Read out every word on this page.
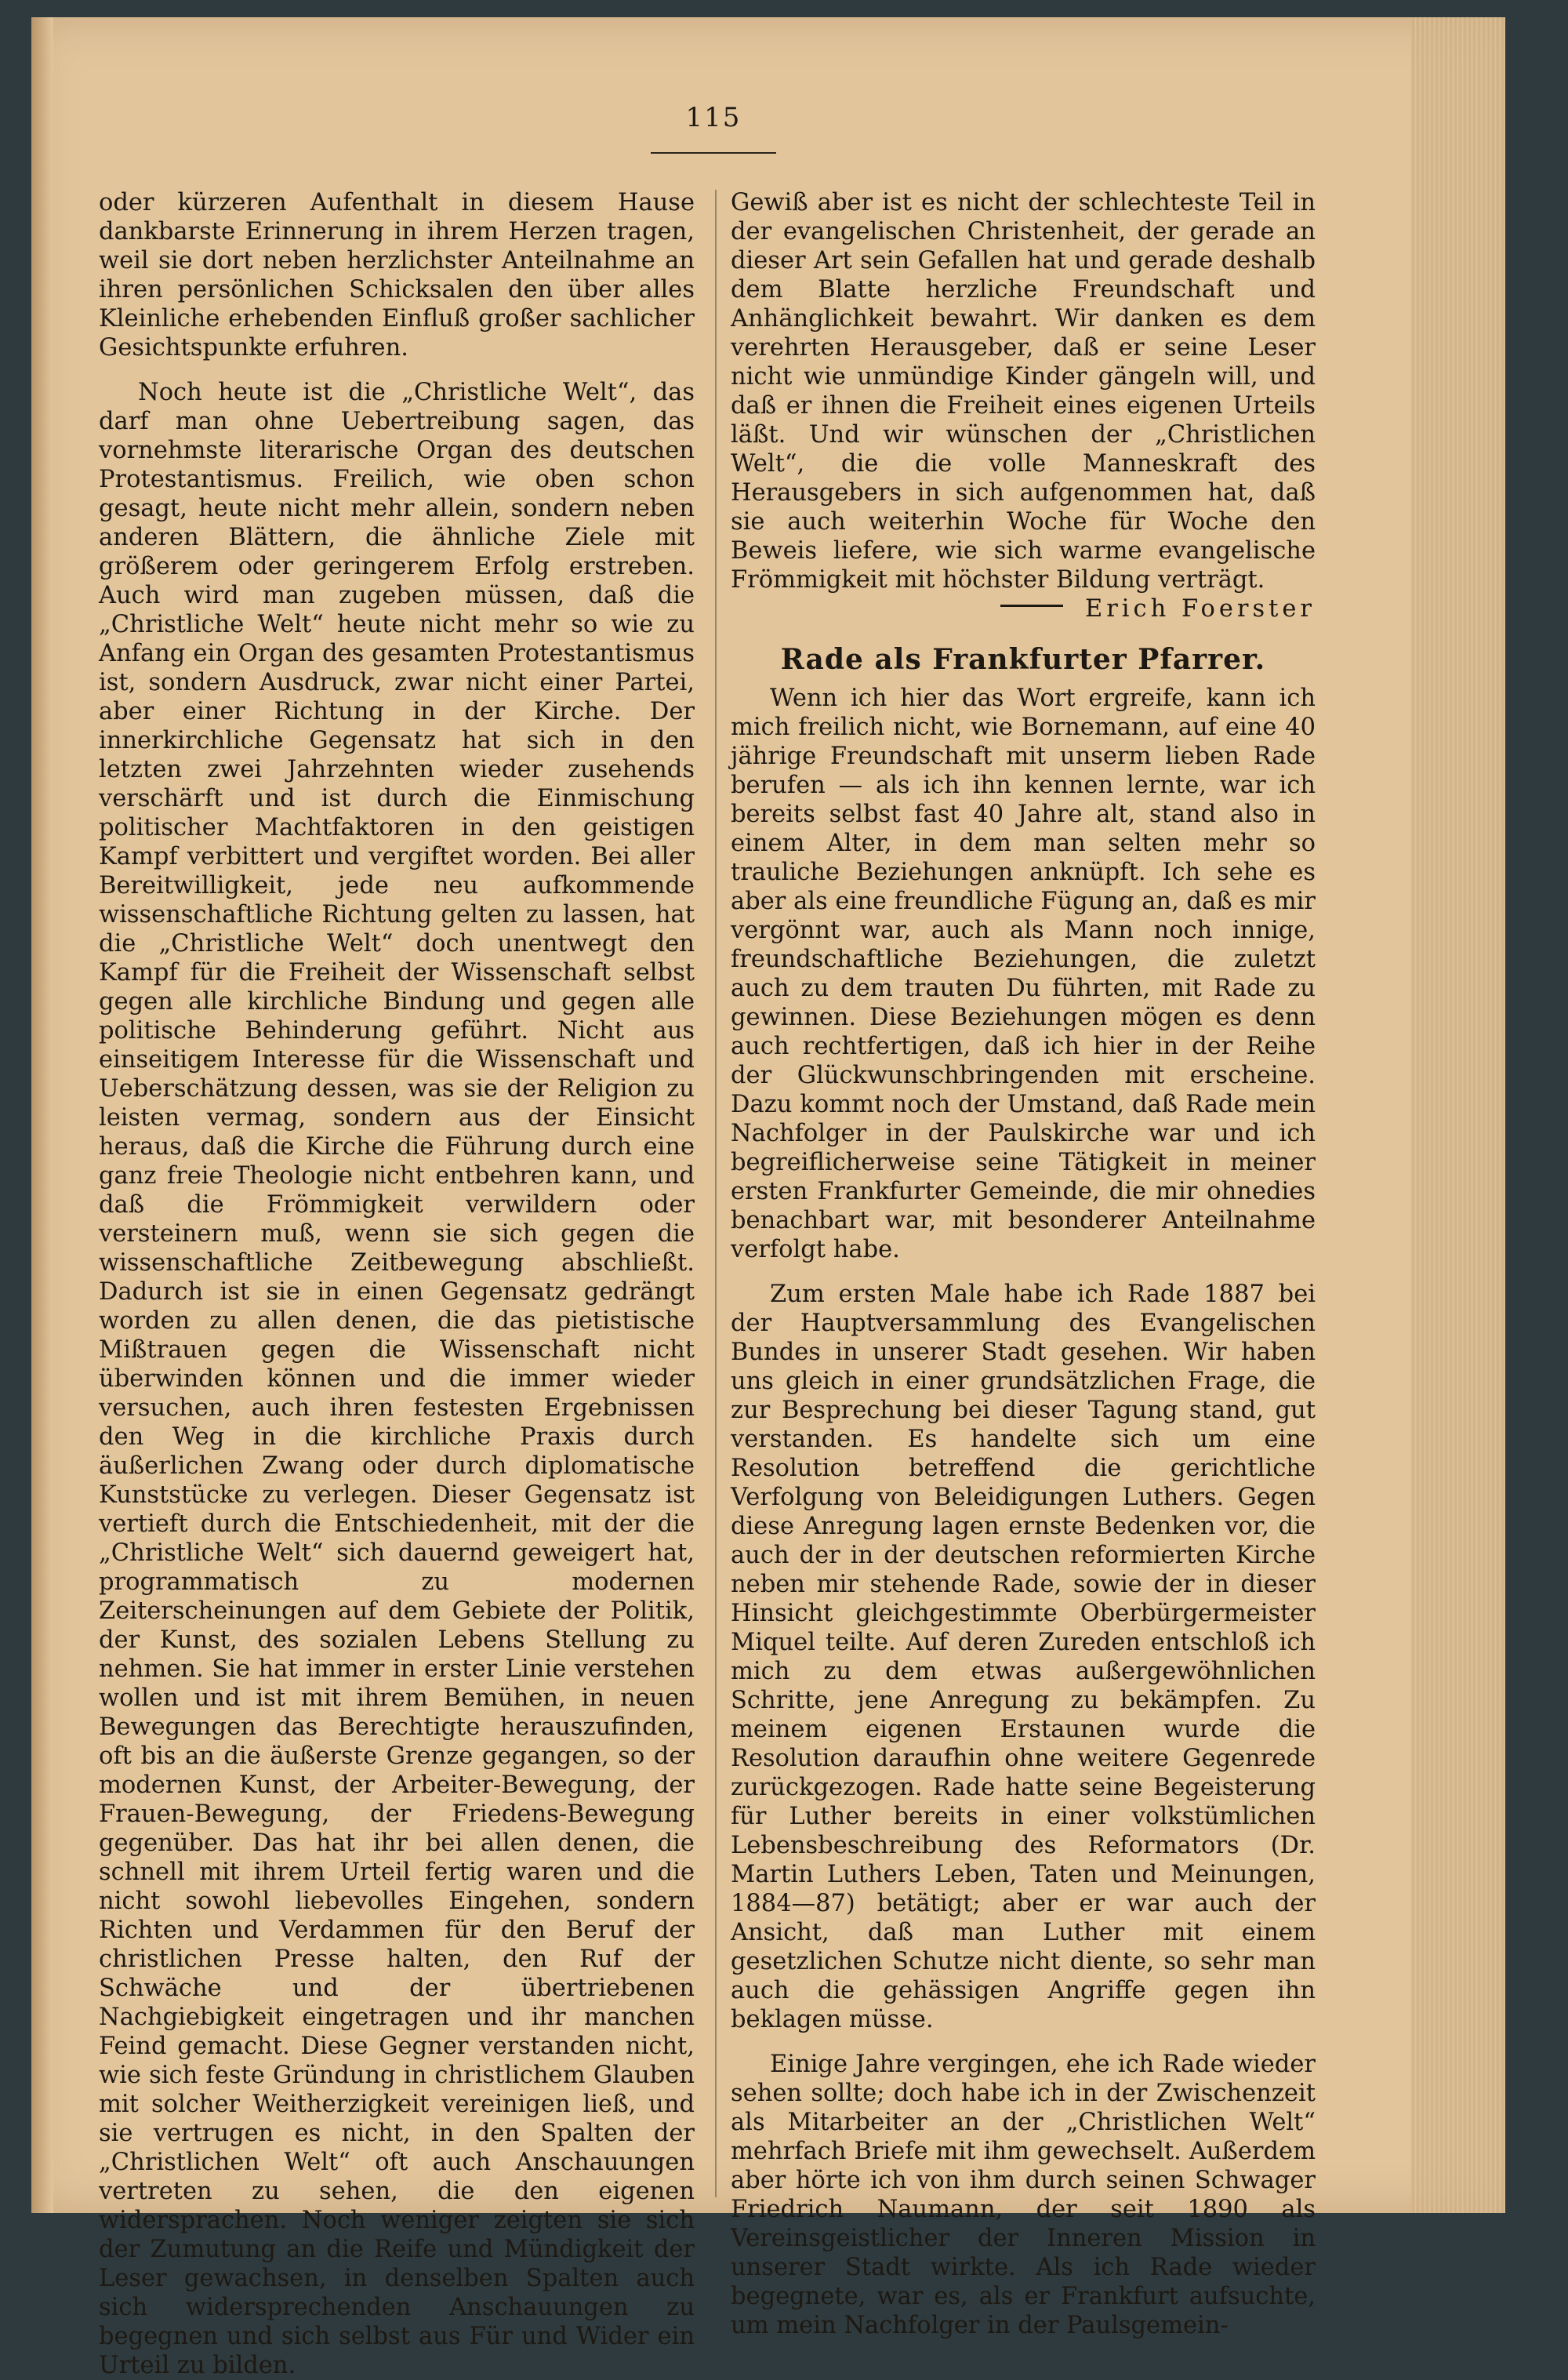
115

oder kürzeren Aufenthalt in diesem Hause dankbarste Erinnerung in ihrem Herzen tragen, weil sie dort neben herzlichster Anteilnahme an ihren persönlichen Schicksalen den über alles Kleinliche erhebenden Einfluß großer sachlicher Gesichtspunkte erfuhren.

Noch heute ist die „Christliche Welt“, das darf man ohne Uebertreibung sagen, das vornehmste literarische Organ des deutschen Protestantismus. Freilich, wie oben schon gesagt, heute nicht mehr allein, sondern neben anderen Blättern, die ähnliche Ziele mit größerem oder geringerem Erfolg erstreben. Auch wird man zugeben müssen, daß die „Christliche Welt“ heute nicht mehr so wie zu Anfang ein Organ des gesamten Protestantismus ist, sondern Ausdruck, zwar nicht einer Partei, aber einer Richtung in der Kirche. Der innerkirchliche Gegensatz hat sich in den letzten zwei Jahrzehnten wieder zusehends verschärft und ist durch die Einmischung politischer Machtfaktoren in den geistigen Kampf verbittert und vergiftet worden. Bei aller Bereitwilligkeit, jede neu aufkommende wissenschaftliche Richtung gelten zu lassen, hat die „Christliche Welt“ doch unentwegt den Kampf für die Freiheit der Wissenschaft selbst gegen alle kirchliche Bindung und gegen alle politische Behinderung geführt. Nicht aus einseitigem Interesse für die Wissenschaft und Ueberschätzung dessen, was sie der Religion zu leisten vermag, sondern aus der Einsicht heraus, daß die Kirche die Führung durch eine ganz freie Theologie nicht entbehren kann, und daß die Frömmigkeit verwildern oder versteinern muß, wenn sie sich gegen die wissenschaftliche Zeitbewegung abschließt. Dadurch ist sie in einen Gegensatz gedrängt worden zu allen denen, die das pietistische Mißtrauen gegen die Wissenschaft nicht überwinden können und die immer wieder versuchen, auch ihren festesten Ergebnissen den Weg in die kirchliche Praxis durch äußerlichen Zwang oder durch diplomatische Kunststücke zu verlegen. Dieser Gegensatz ist vertieft durch die Entschiedenheit, mit der die „Christliche Welt“ sich dauernd geweigert hat, programmatisch zu modernen Zeiterscheinungen auf dem Gebiete der Politik, der Kunst, des sozialen Lebens Stellung zu nehmen. Sie hat immer in erster Linie verstehen wollen und ist mit ihrem Bemühen, in neuen Bewegungen das Berechtigte herauszufinden, oft bis an die äußerste Grenze gegangen, so der modernen Kunst, der Arbeiter-Bewegung, der Frauen-Bewegung, der Friedens-Bewegung gegenüber. Das hat ihr bei allen denen, die schnell mit ihrem Urteil fertig waren und die nicht sowohl liebevolles Eingehen, sondern Richten und Verdammen für den Beruf der christlichen Presse halten, den Ruf der Schwäche und der übertriebenen Nachgiebigkeit eingetragen und ihr manchen Feind gemacht. Diese Gegner verstanden nicht, wie sich feste Gründung in christlichem Glauben mit solcher Weitherzigkeit vereinigen ließ, und sie vertrugen es nicht, in den Spalten der „Christlichen Welt“ oft auch Anschauungen vertreten zu sehen, die den eigenen widersprachen. Noch weniger zeigten sie sich der Zumutung an die Reife und Mündigkeit der Leser gewachsen, in denselben Spalten auch sich widersprechenden Anschauungen zu begegnen und sich selbst aus Für und Wider ein Urteil zu bilden.

Gewiß aber ist es nicht der schlechteste Teil in der evangelischen Christenheit, der gerade an dieser Art sein Gefallen hat und gerade deshalb dem Blatte herzliche Freundschaft und Anhänglichkeit bewahrt. Wir danken es dem verehrten Herausgeber, daß er seine Leser nicht wie unmündige Kinder gängeln will, und daß er ihnen die Freiheit eines eigenen Urteils läßt. Und wir wünschen der „Christlichen Welt“, die die volle Manneskraft des Herausgebers in sich aufgenommen hat, daß sie auch weiterhin Woche für Woche den Beweis liefere, wie sich warme evangelische Frömmigkeit mit höchster Bildung verträgt.

Erich Foerster
Rade als Frankfurter Pfarrer.

Wenn ich hier das Wort ergreife, kann ich mich freilich nicht, wie Bornemann, auf eine 40 jährige Freundschaft mit unserm lieben Rade berufen — als ich ihn kennen lernte, war ich bereits selbst fast 40 Jahre alt, stand also in einem Alter, in dem man selten mehr so trauliche Beziehungen anknüpft. Ich sehe es aber als eine freundliche Fügung an, daß es mir vergönnt war, auch als Mann noch innige, freundschaftliche Beziehungen, die zuletzt auch zu dem trauten Du führten, mit Rade zu gewinnen. Diese Beziehungen mögen es denn auch rechtfertigen, daß ich hier in der Reihe der Glückwunschbringenden mit erscheine. Dazu kommt noch der Umstand, daß Rade mein Nachfolger in der Paulskirche war und ich begreiflicherweise seine Tätigkeit in meiner ersten Frankfurter Gemeinde, die mir ohnedies benachbart war, mit besonderer Anteilnahme verfolgt habe.

Zum ersten Male habe ich Rade 1887 bei der Hauptversammlung des Evangelischen Bundes in unserer Stadt gesehen. Wir haben uns gleich in einer grundsätzlichen Frage, die zur Besprechung bei dieser Tagung stand, gut verstanden. Es handelte sich um eine Resolution betreffend die gerichtliche Verfolgung von Beleidigungen Luthers. Gegen diese Anregung lagen ernste Bedenken vor, die auch der in der deutschen reformierten Kirche neben mir stehende Rade, sowie der in dieser Hinsicht gleichgestimmte Oberbürgermeister Miquel teilte. Auf deren Zureden entschloß ich mich zu dem etwas außergewöhnlichen Schritte, jene Anregung zu bekämpfen. Zu meinem eigenen Erstaunen wurde die Resolution daraufhin ohne weitere Gegenrede zurückgezogen. Rade hatte seine Begeisterung für Luther bereits in einer volkstümlichen Lebensbeschreibung des Reformators (Dr. Martin Luthers Leben, Taten und Meinungen, 1884—87) betätigt; aber er war auch der Ansicht, daß man Luther mit einem gesetzlichen Schutze nicht diente, so sehr man auch die gehässigen Angriffe gegen ihn beklagen müsse.

Einige Jahre vergingen, ehe ich Rade wieder sehen sollte; doch habe ich in der Zwischenzeit als Mitarbeiter an der „Christlichen Welt“ mehrfach Briefe mit ihm gewechselt. Außerdem aber hörte ich von ihm durch seinen Schwager Friedrich Naumann, der seit 1890 als Vereinsgeistlicher der Inneren Mission in unserer Stadt wirkte. Als ich Rade wieder begegnete, war es, als er Frankfurt aufsuchte, um mein Nachfolger in der Paulsgemein-
